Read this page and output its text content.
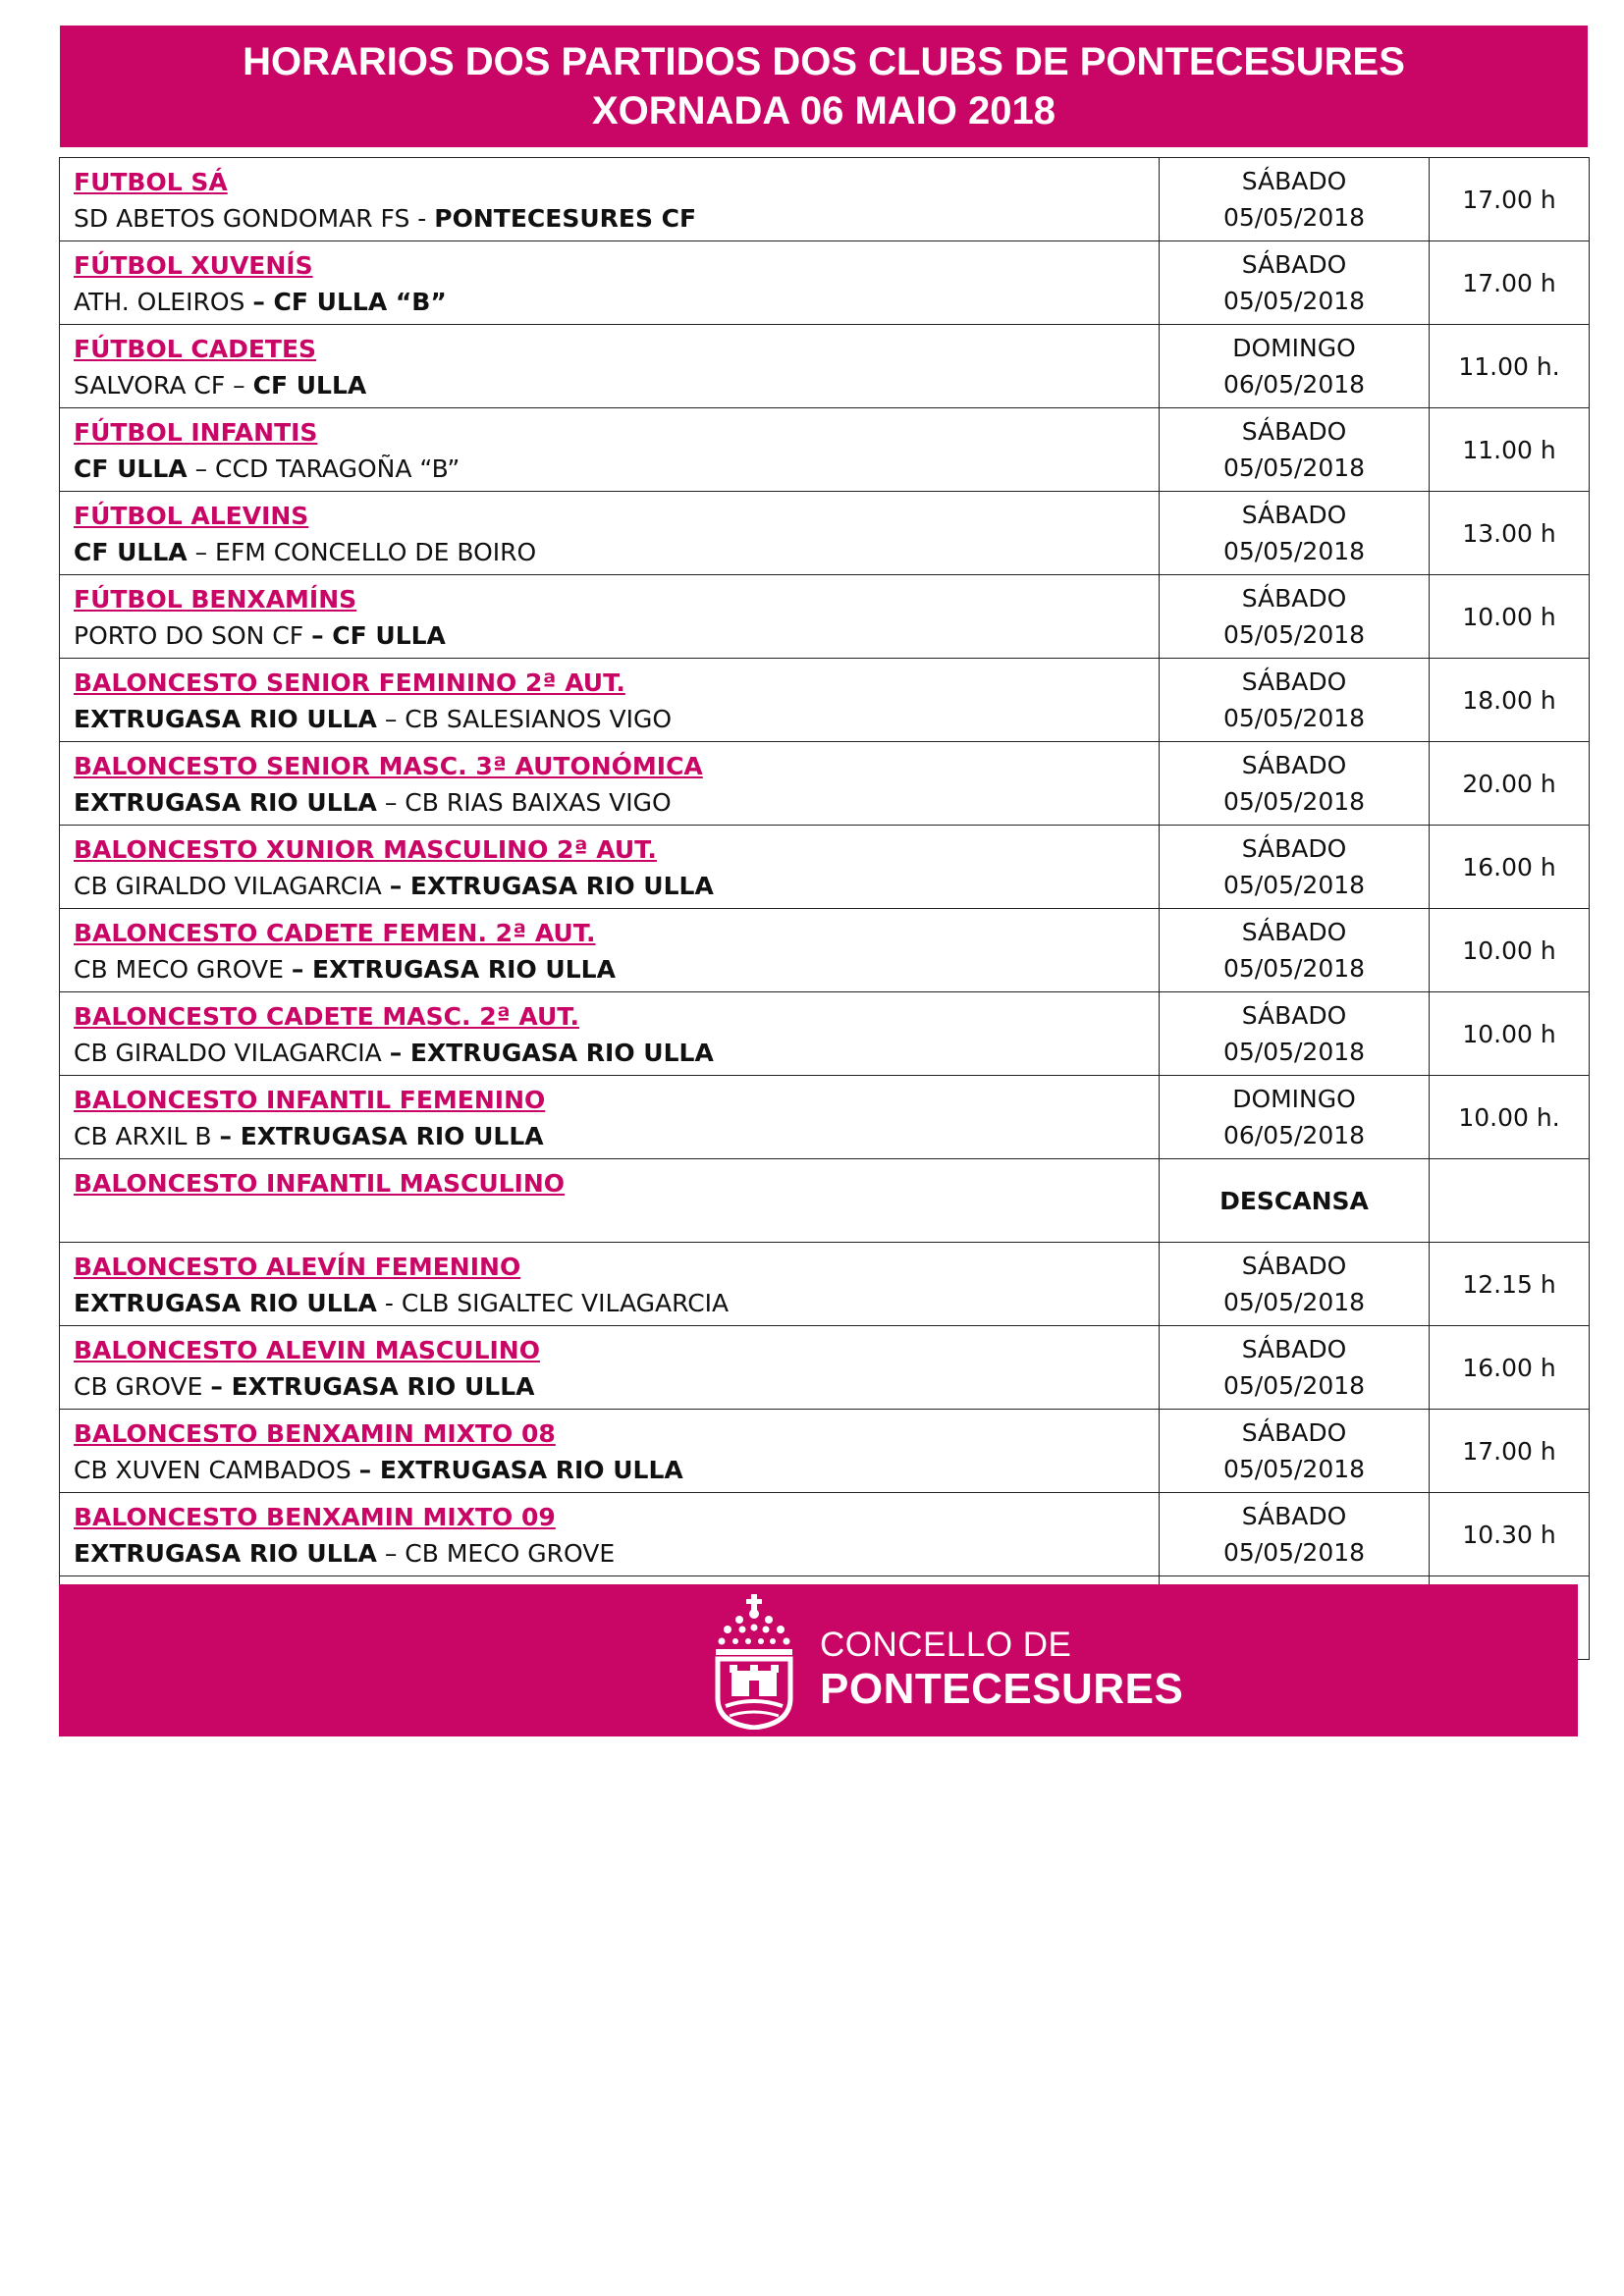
HORARIOS DOS PARTIDOS DOS CLUBS DE PONTECESURES
XORNADA 06 MAIO 2018
FUTBOL SÁ
SD ABETOS GONDOMAR FS - PONTECESURES CF	SÁBADO
05/05/2018	17.00 h

FÚTBOL XUVENÍS
ATH. OLEIROS – CF ULLA “B”	SÁBADO
05/05/2018	17.00 h

FÚTBOL CADETES
SALVORA CF – CF ULLA	DOMINGO
06/05/2018	11.00 h.

FÚTBOL INFANTIS
CF ULLA – CCD TARAGOÑA “B”	SÁBADO
05/05/2018	11.00 h

FÚTBOL ALEVINS
CF ULLA – EFM CONCELLO DE BOIRO	SÁBADO
05/05/2018	13.00 h

FÚTBOL BENXAMÍNS
PORTO DO SON CF – CF ULLA	SÁBADO
05/05/2018	10.00 h

BALONCESTO SENIOR FEMININO 2ª AUT.
EXTRUGASA RIO ULLA – CB SALESIANOS VIGO	SÁBADO
05/05/2018	18.00 h

BALONCESTO SENIOR MASC. 3ª AUTONÓMICA
EXTRUGASA RIO ULLA – CB RIAS BAIXAS VIGO	SÁBADO
05/05/2018	20.00 h

BALONCESTO XUNIOR MASCULINO 2ª AUT.
CB GIRALDO VILAGARCIA – EXTRUGASA RIO ULLA	SÁBADO
05/05/2018	16.00 h

BALONCESTO CADETE FEMEN. 2ª AUT.
CB MECO GROVE – EXTRUGASA RIO ULLA	SÁBADO
05/05/2018	10.00 h

BALONCESTO CADETE MASC. 2ª AUT.
CB GIRALDO VILAGARCIA – EXTRUGASA RIO ULLA	SÁBADO
05/05/2018	10.00 h

BALONCESTO INFANTIL FEMENINO
CB ARXIL B – EXTRUGASA RIO ULLA	DOMINGO
06/05/2018	10.00 h.

BALONCESTO INFANTIL MASCULINO	DESCANSA	

BALONCESTO ALEVÍN FEMENINO
EXTRUGASA RIO ULLA - CLB SIGALTEC VILAGARCIA	SÁBADO
05/05/2018	12.15 h

BALONCESTO ALEVIN MASCULINO
CB GROVE – EXTRUGASA RIO ULLA	SÁBADO
05/05/2018	16.00 h

BALONCESTO BENXAMIN MIXTO 08
CB XUVEN CAMBADOS – EXTRUGASA RIO ULLA	SÁBADO
05/05/2018	17.00 h

BALONCESTO BENXAMIN MIXTO 09
EXTRUGASA RIO ULLA – CB MECO GROVE	SÁBADO
05/05/2018	10.30 h

CONCELLO DE
PONTECESURES
